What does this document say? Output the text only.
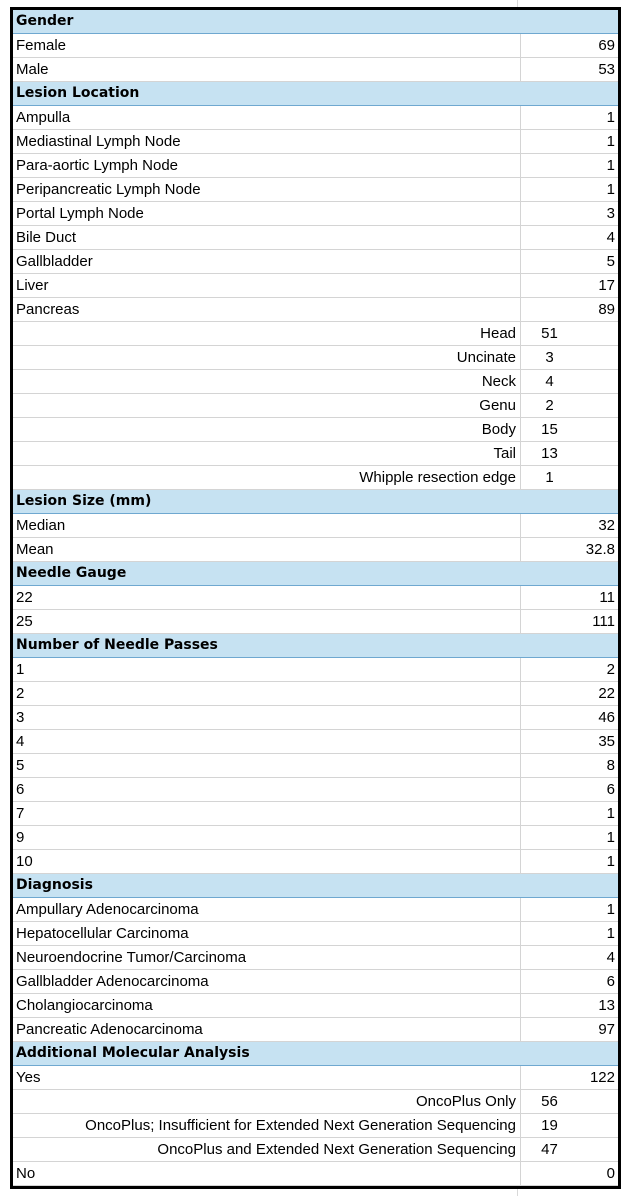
Gender
Female	69
Male	53
Lesion Location
Ampulla	1
Mediastinal Lymph Node	1
Para-aortic Lymph Node	1
Peripancreatic Lymph Node	1
Portal Lymph Node	3
Bile Duct	4
Gallbladder	5
Liver	17
Pancreas	89
Head	51
Uncinate	3
Neck	4
Genu	2
Body	15
Tail	13
Whipple resection edge	1
Lesion Size (mm)
Median	32
Mean	32.8
Needle Gauge
22	11
25	111
Number of Needle Passes
1	2
2	22
3	46
4	35
5	8
6	6
7	1
9	1
10	1
Diagnosis
Ampullary Adenocarcinoma	1
Hepatocellular Carcinoma	1
Neuroendocrine Tumor/Carcinoma	4
Gallbladder Adenocarcinoma	6
Cholangiocarcinoma	13
Pancreatic Adenocarcinoma	97
Additional Molecular Analysis
Yes	122
OncoPlus Only	56
OncoPlus; Insufficient for Extended Next Generation Sequencing	19
OncoPlus and Extended Next Generation Sequencing	47
No	0
